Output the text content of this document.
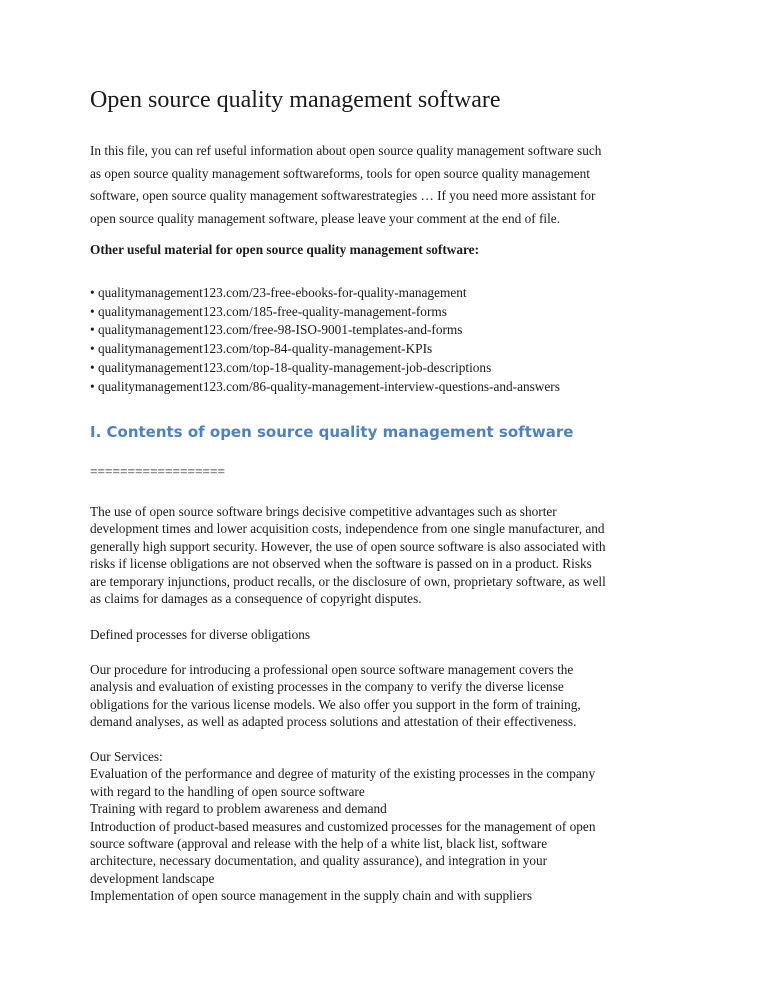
Open source quality management software

In this file, you can ref useful information about open source quality management software such
as open source quality management softwareforms, tools for open source quality management
software, open source quality management softwarestrategies … If you need more assistant for
open source quality management software, please leave your comment at the end of file.

Other useful material for open source quality management software:

• qualitymanagement123.com/23-free-ebooks-for-quality-management
• qualitymanagement123.com/185-free-quality-management-forms
• qualitymanagement123.com/free-98-ISO-9001-templates-and-forms
• qualitymanagement123.com/top-84-quality-management-KPIs
• qualitymanagement123.com/top-18-quality-management-job-descriptions
• qualitymanagement123.com/86-quality-management-interview-questions-and-answers
I. Contents of open source quality management software

==================

The use of open source software brings decisive competitive advantages such as shorter
development times and lower acquisition costs, independence from one single manufacturer, and
generally high support security. However, the use of open source software is also associated with
risks if license obligations are not observed when the software is passed on in a product. Risks
are temporary injunctions, product recalls, or the disclosure of own, proprietary software, as well
as claims for damages as a consequence of copyright disputes.

Defined processes for diverse obligations

Our procedure for introducing a professional open source software management covers the
analysis and evaluation of existing processes in the company to verify the diverse license
obligations for the various license models. We also offer you support in the form of training,
demand analyses, as well as adapted process solutions and attestation of their effectiveness.

Our Services:
Evaluation of the performance and degree of maturity of the existing processes in the company
with regard to the handling of open source software
Training with regard to problem awareness and demand
Introduction of product-based measures and customized processes for the management of open
source software (approval and release with the help of a white list, black list, software
architecture, necessary documentation, and quality assurance), and integration in your
development landscape
Implementation of open source management in the supply chain and with suppliers
